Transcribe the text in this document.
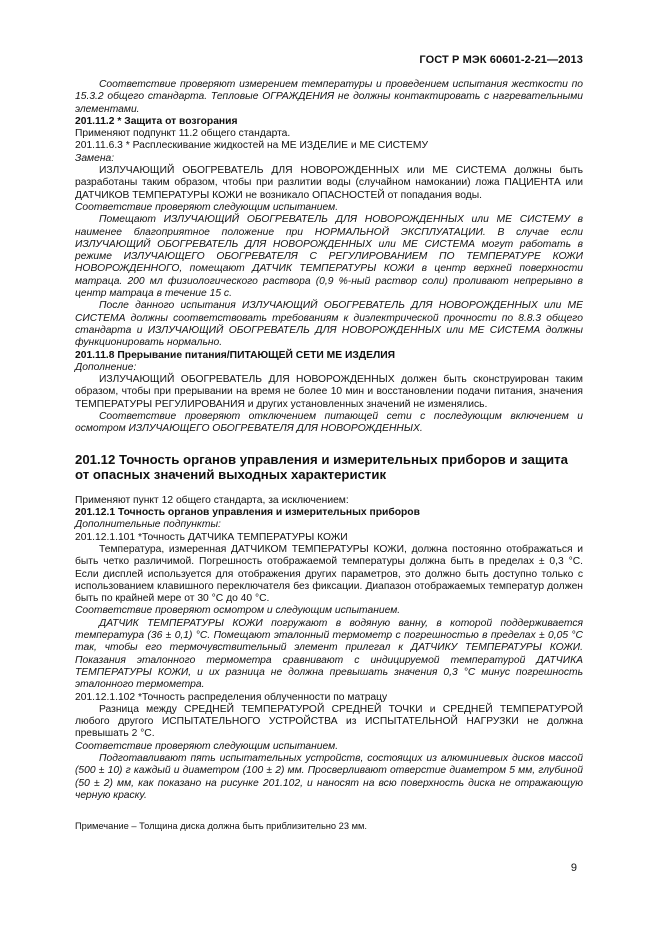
ГОСТ Р МЭК 60601-2-21—2013

Соответствие проверяют измерением температуры и проведением испытания жесткости по 15.3.2 общего стандарта. Тепловые ОГРАЖДЕНИЯ не должны контактировать с нагревательными элементами.

201.11.2 * Защита от возгорания

Применяют подпункт 11.2 общего стандарта.

201.11.6.3 * Расплескивание жидкостей на МЕ ИЗДЕЛИЕ и МЕ СИСТЕМУ

Замена:

ИЗЛУЧАЮЩИЙ ОБОГРЕВАТЕЛЬ ДЛЯ НОВОРОЖДЕННЫХ или МЕ СИСТЕМА должны быть разработаны таким образом, чтобы при разлитии воды (случайном намокании) ложа ПАЦИЕНТА или ДАТЧИКОВ ТЕМПЕРАТУРЫ КОЖИ не возникало ОПАСНОСТЕЙ от попадания воды.

Соответствие проверяют следующим испытанием.

Помещают ИЗЛУЧАЮЩИЙ ОБОГРЕВАТЕЛЬ ДЛЯ НОВОРОЖДЕННЫХ или МЕ СИСТЕМУ в наименее благоприятное положение при НОРМАЛЬНОЙ ЭКСПЛУАТАЦИИ. В случае если ИЗЛУЧАЮЩИЙ ОБОГРЕВАТЕЛЬ ДЛЯ НОВОРОЖДЕННЫХ или МЕ СИСТЕМА могут работать в режиме ИЗЛУЧАЮЩЕГО ОБОГРЕВАТЕЛЯ С РЕГУЛИРОВАНИЕМ ПО ТЕМПЕРАТУРЕ КОЖИ НОВОРОЖДЕННОГО, помещают ДАТЧИК ТЕМПЕРАТУРЫ КОЖИ в центр верхней поверхности матраца. 200 мл физиологического раствора (0,9 %-ный раствор соли) проливают непрерывно в центр матраца в течение 15 с.

После данного испытания ИЗЛУЧАЮЩИЙ ОБОГРЕВАТЕЛЬ ДЛЯ НОВОРОЖДЕННЫХ или МЕ СИСТЕМА должны соответствовать требованиям к диэлектрической прочности по 8.8.3 общего стандарта и ИЗЛУЧАЮЩИЙ ОБОГРЕВАТЕЛЬ ДЛЯ НОВОРОЖДЕННЫХ или МЕ СИСТЕМА должны функционировать нормально.

201.11.8 Прерывание питания/ПИТАЮЩЕЙ СЕТИ МЕ ИЗДЕЛИЯ

Дополнение:

ИЗЛУЧАЮЩИЙ ОБОГРЕВАТЕЛЬ ДЛЯ НОВОРОЖДЕННЫХ должен быть сконструирован таким образом, чтобы при прерывании на время не более 10 мин и восстановлении подачи питания, значения ТЕМПЕРАТУРЫ РЕГУЛИРОВАНИЯ и других установленных значений не изменялись.

Соответствие проверяют отключением питающей сети с последующим включением и осмотром ИЗЛУЧАЮЩЕГО ОБОГРЕВАТЕЛЯ ДЛЯ НОВОРОЖДЕННЫХ.

201.12 Точность органов управления и измерительных приборов и защита от опасных значений выходных характеристик

Применяют пункт 12 общего стандарта, за исключением:

201.12.1 Точность органов управления и измерительных приборов

Дополнительные подпункты:

201.12.1.101 *Точность ДАТЧИКА ТЕМПЕРАТУРЫ КОЖИ

Температура, измеренная ДАТЧИКОМ ТЕМПЕРАТУРЫ КОЖИ, должна постоянно отображаться и быть четко различимой. Погрешность отображаемой температуры должна быть в пределах ± 0,3 °С. Если дисплей используется для отображения других параметров, это должно быть доступно только с использованием клавишного переключателя без фиксации. Диапазон отображаемых температур должен быть по крайней мере от 30 °С до 40 °С.

Соответствие проверяют осмотром и следующим испытанием.

ДАТЧИК ТЕМПЕРАТУРЫ КОЖИ погружают в водяную ванну, в которой поддерживается температура (36 ± 0,1) °С. Помещают эталонный термометр с погрешностью в пределах ± 0,05 °С так, чтобы его термочувствительный элемент прилегал к ДАТЧИКУ ТЕМПЕРАТУРЫ КОЖИ. Показания эталонного термометра сравнивают с индицируемой температурой ДАТЧИКА ТЕМПЕРАТУРЫ КОЖИ, и их разница не должна превышать значения 0,3 °С минус погрешность эталонного термометра.

201.12.1.102 *Точность распределения облученности по матрацу

Разница между СРЕДНЕЙ ТЕМПЕРАТУРОЙ СРЕДНЕЙ ТОЧКИ и СРЕДНЕЙ ТЕМПЕРАТУРОЙ любого другого ИСПЫТАТЕЛЬНОГО УСТРОЙСТВА из ИСПЫТАТЕЛЬНОЙ НАГРУЗКИ не должна превышать 2 °С.

Соответствие проверяют следующим испытанием.

Подготавливают пять испытательных устройств, состоящих из алюминиевых дисков массой (500 ± 10) г каждый и диаметром (100 ± 2) мм. Просверливают отверстие диаметром 5 мм, глубиной (50 ± 2) мм, как показано на рисунке 201.102, и наносят на всю поверхность диска не отражающую черную краску.

Примечание – Толщина диска должна быть приблизительно 23 мм.

9
